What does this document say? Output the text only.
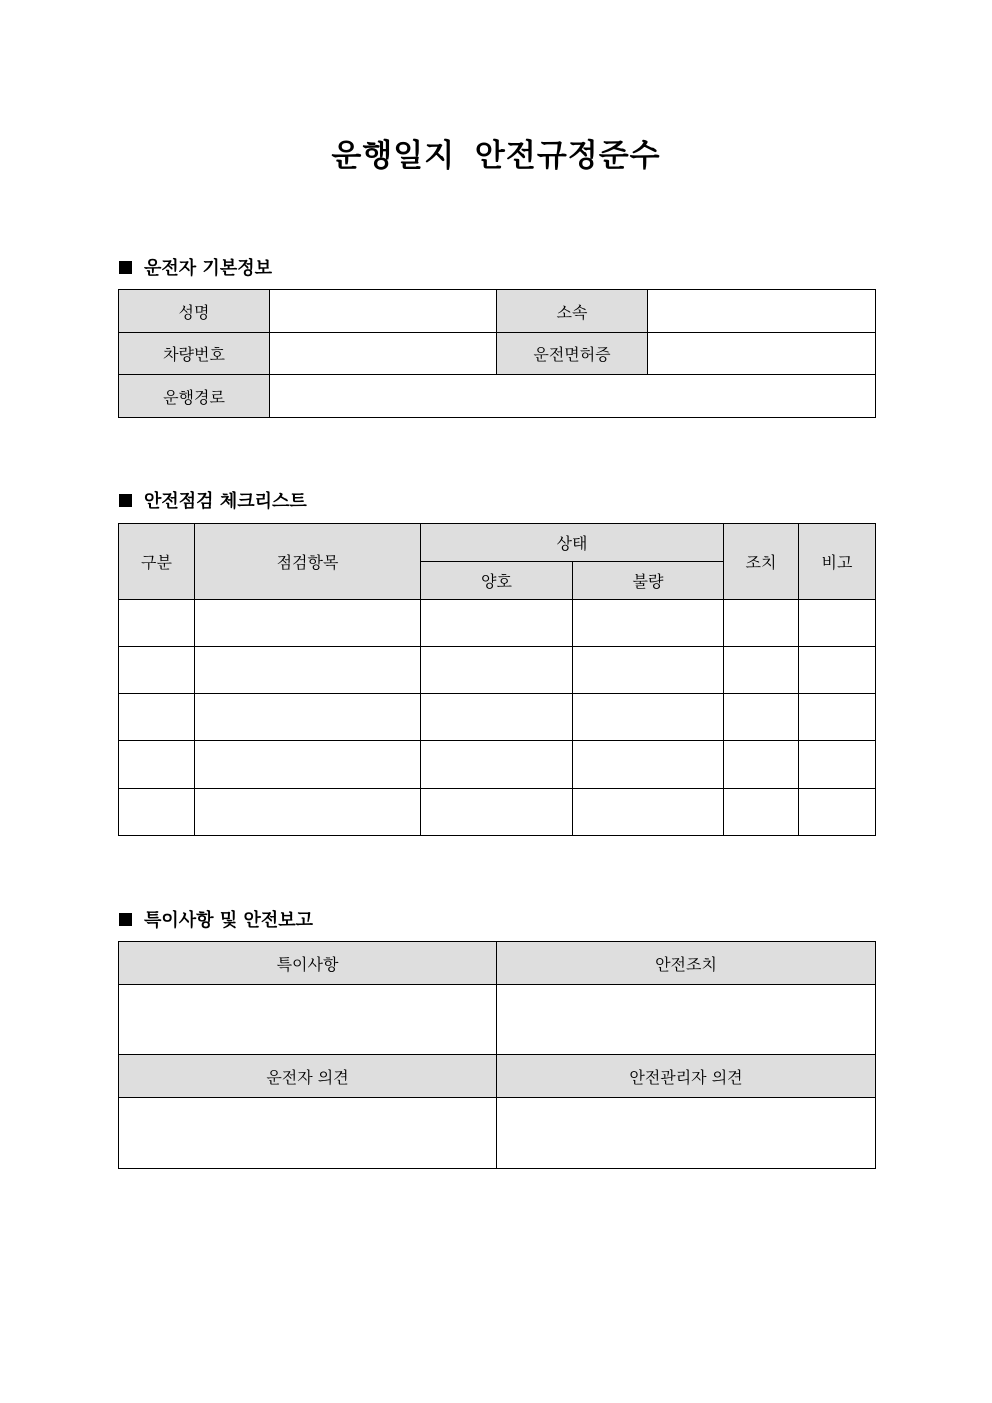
운행일지 안전규정준수
운전자 기본정보
성명		소속	
차량번호		운전면허증	
운행경로			
안전점검 체크리스트
구분	점검항목	상태		조치	비고
		양호	불량		

특이사항 및 안전보고
특이사항	안전조치

운전자 의견	안전관리자 의견
